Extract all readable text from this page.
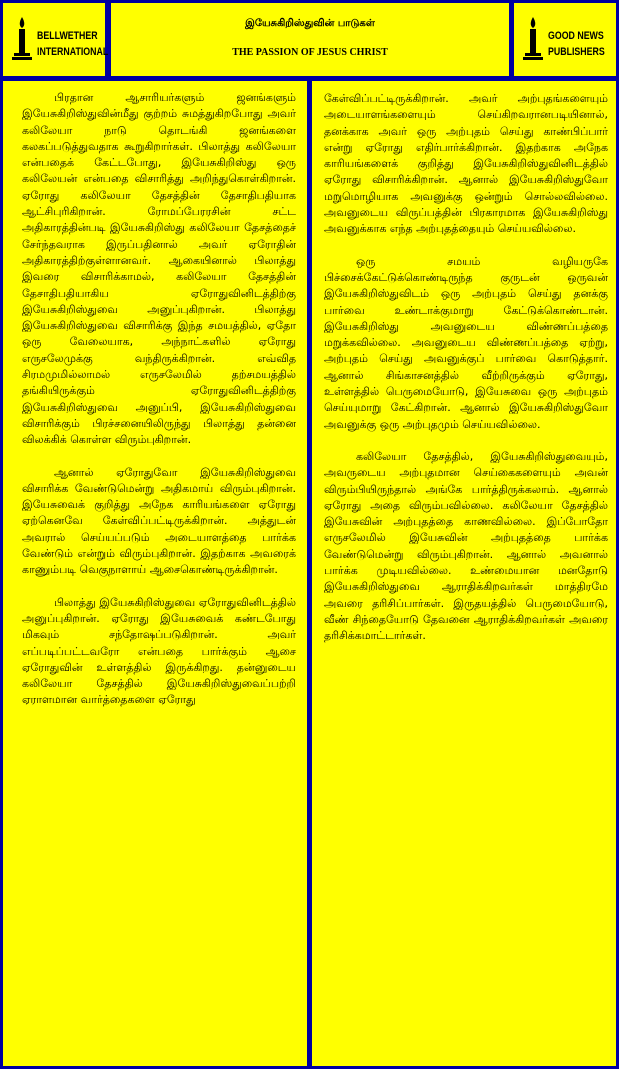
BELLWETHER
INTERNATIONAL
இயேசுகிறிஸ்துவின் பாடுகள்
THE PASSION OF JESUS CHRIST
GOOD NEWS
PUBLISHERS

பிரதான ஆசாரியர்களும் ஜனங்களும் இயேசுகிறிஸ்துவின்மீது குற்றம் சுமத்துகிறபோது அவர் கலிலேயா நாடு தொடங்கி ஜனங்களை கலகப்படுத்துவதாக கூறுகிறார்கள். பிலாத்து கலிலேயா என்பதைக் கேட்டபோது, இயேசுகிறிஸ்து ஒரு கலிலேயன் என்பதை விசாரித்து அறிந்துகொள்கிறான். ஏரோது கலிலேயா தேசத்தின் தேசாதிபதியாக ஆட்சிபுரிகிறான். ரோமப்பேரரசின் சட்ட அதிகாரத்தின்படி இயேசுகிறிஸ்து கலிலேயா தேசத்தைச் சேர்ந்தவராக இருப்பதினால் அவர் ஏரோதின் அதிகாரத்திற்குள்ளானவர். ஆகையினால் பிலாத்து இவரை விசாரிக்காமல், கலிலேயா தேசத்தின் தேசாதிபதியாகிய ஏரோதுவினிடத்திற்கு இயேசுகிறிஸ்துவை அனுப்புகிறான். பிலாத்து இயேசுகிறிஸ்துவை விசாரிக்கு இந்த சமயத்தில், ஏதோ ஒரு வேலையாக, அந்நாட்களில் ஏரோது எருசலேமுக்கு வந்திருக்கிறான். எவ்வித சிரமமுமில்லாமல் எருசலேமில் தற்சமயத்தில் தங்கியிருக்கும் ஏரோதுவினிடத்திற்கு இயேசுகிறிஸ்துவை அனுப்பி, இயேசுகிறிஸ்துவை விசாரிக்கும் பிரச்சனையிலிருந்து பிலாத்து தன்னை விலக்கிக் கொள்ள விரும்புகிறான்.

ஆனால் ஏரோதுவோ இயேசுகிறிஸ்துவை விசாரிக்க வேண்டுமென்று அதிகமாய் விரும்புகிறான். இயேசுவைக் குறித்து அநேக காரியங்களை ஏரோது ஏற்கெனவே கேள்விப்பட்டிருக்கிறான். அத்துடன் அவரால் செய்யப்படும் அடையாளத்தை பார்க்க வேண்டும் என்றும் விரும்புகிறான். இதற்காக அவரைக் காணும்படி வெகுநாளாய் ஆசைகொண்டிருக்கிறான்.

பிலாத்து இயேசுகிறிஸ்துவை ஏரோதுவினிடத்தில் அனுப்புகிறான். ஏரோது இயேசுவைக் கண்டபோது மிகவும் சந்தோஷப்படுகிறான். அவர் எப்படிப்பட்டவரோ என்பதை பார்க்கும் ஆசை ஏரோதுவின் உள்ளத்தில் இருக்கிறது. தன்னுடைய கலிலேயா தேசத்தில் இயேசுகிறிஸ்துவைப்பற்றி ஏராளமான வார்த்தைகளை ஏரோது

கேள்விப்பட்டிருக்கிறான். அவர் அற்புதங்களையும் அடையாளங்களையும் செய்கிறவரானபடியினால், தனக்காக அவர் ஒரு அற்புதம் செய்து காண்பிப்பார் என்று ஏரோது எதிர்பார்க்கிறான். இதற்காக அநேக காரியங்களைக் குறித்து இயேசுகிறிஸ்துவினிடத்தில் ஏரோது விசாரிக்கிறான். ஆனால் இயேசுகிறிஸ்துவோ மறுமொழியாக அவனுக்கு ஒன்றும் சொல்லவில்லை. அவனுடைய விருப்பத்தின் பிரகாரமாக இயேசுகிறிஸ்து அவனுக்காக எந்த அற்புதத்தையும் செய்யவில்லை.

ஒரு சமயம் வழியருகே பிச்சைக்கேட்டுக்கொண்டிருந்த குருடன் ஒருவன் இயேசுகிறிஸ்துவிடம் ஒரு அற்புதம் செய்து தனக்கு பார்வை உண்டாக்குமாறு கேட்டுக்கொண்டான். இயேசுகிறிஸ்து அவனுடைய விண்ணப்பத்தை மறுக்கவில்லை. அவனுடைய விண்ணப்பத்தை ஏற்று, அற்புதம் செய்து அவனுக்குப் பார்வை கொடுத்தார். ஆனால் சிங்காசனத்தில் வீற்றிருக்கும் ஏரோது, உள்ளத்தில் பெருமையோடு, இயேசுவை ஒரு அற்புதம் செய்யுமாறு கேட்கிறான். ஆனால் இயேசுகிறிஸ்துவோ அவனுக்கு ஒரு அற்புதமும் செய்யவில்லை.

கலிலேயா தேசத்தில், இயேசுகிறிஸ்துவையும், அவருடைய அற்புதமான செய்கைகளையும் அவன் விரும்பியிருந்தால் அங்கே பார்த்திருக்கலாம். ஆனால் ஏரோது அதை விரும்பவில்லை. கலிலேயா தேசத்தில் இயேசுவின் அற்புதத்தை காணவில்லை. இப்போதோ எருசலேமில் இயேசுவின் அற்புதத்தை பார்க்க வேண்டுமென்று விரும்புகிறான். ஆனால் அவனால் பார்க்க முடியவில்லை. உண்மையான மனதோடு இயேசுகிறிஸ்துவை ஆராதிக்கிறவர்கள் மாத்திரமே அவரை தரிசிப்பார்கள். இருதயத்தில் பெருமையோடு, வீண் சிந்தையோடு தேவனை ஆராதிக்கிறவர்கள் அவரை தரிசிக்கமாட்டார்கள்.
